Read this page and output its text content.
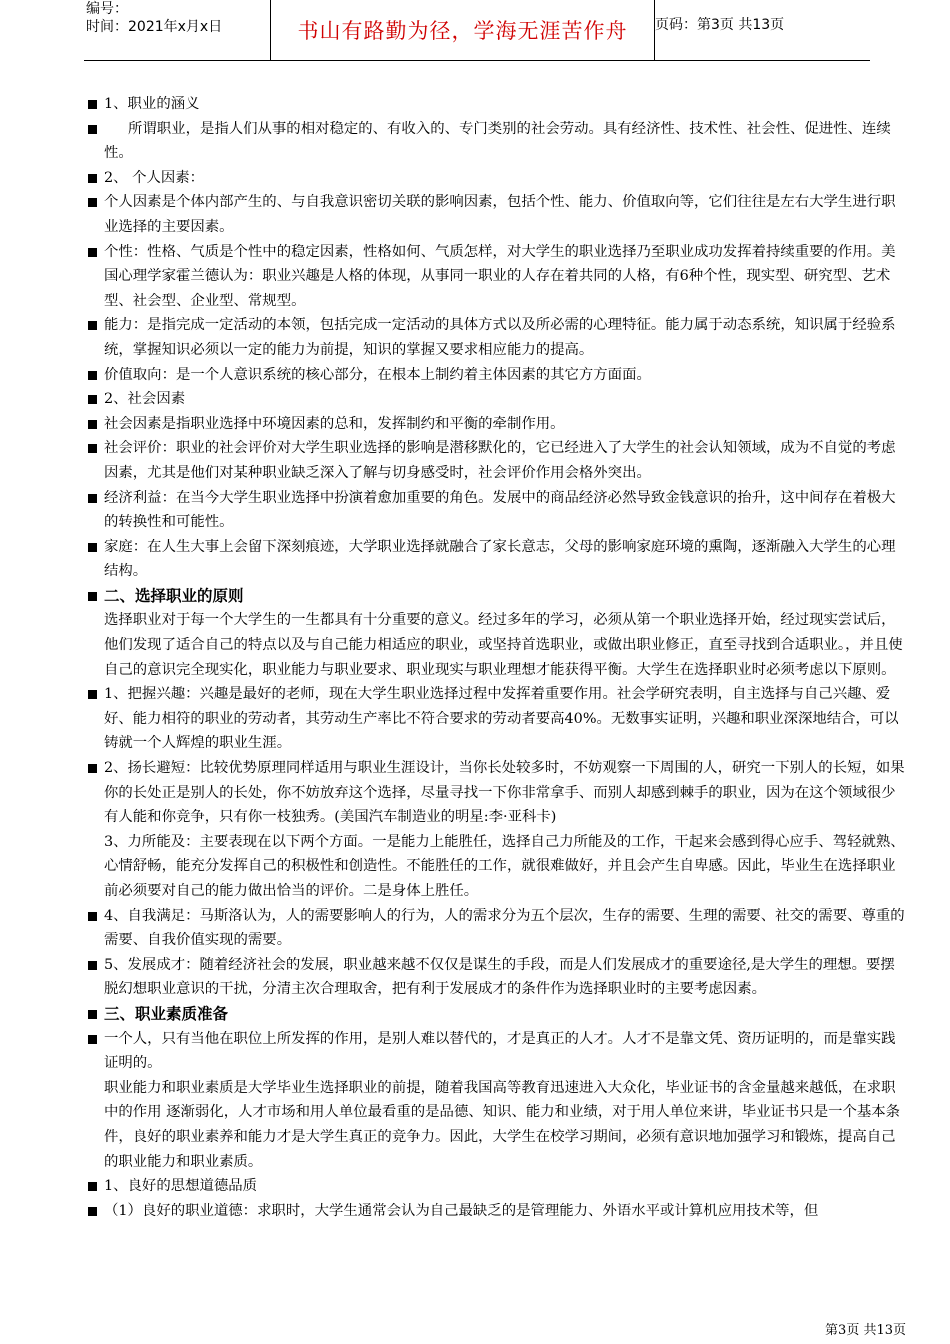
编号：
时间：2021年x月x日	书山有路勤为径，学海无涯苦作舟	页码：第3页 共13页
1、职业的涵义
所谓职业，是指人们从事的相对稳定的、有收入的、专门类别的社会劳动。具有经济性、技术性、社会性、促进性、连续性。
2、 个人因素：
个人因素是个体内部产生的、与自我意识密切关联的影响因素，包括个性、能力、价值取向等，它们往往是左右大学生进行职业选择的主要因素。
个性：性格、气质是个性中的稳定因素，性格如何、气质怎样，对大学生的职业选择乃至职业成功发挥着持续重要的作用。美国心理学家霍兰德认为：职业兴趣是人格的体现，从事同一职业的人存在着共同的人格，有6种个性，现实型、研究型、艺术型、社会型、企业型、常规型。
能力：是指完成一定活动的本领，包括完成一定活动的具体方式以及所必需的心理特征。能力属于动态系统，知识属于经验系统，掌握知识必须以一定的能力为前提，知识的掌握又要求相应能力的提高。
价值取向：是一个人意识系统的核心部分，在根本上制约着主体因素的其它方方面面。
2、社会因素
社会因素是指职业选择中环境因素的总和，发挥制约和平衡的牵制作用。
社会评价：职业的社会评价对大学生职业选择的影响是潜移默化的，它已经进入了大学生的社会认知领域，成为不自觉的考虑因素，尤其是他们对某种职业缺乏深入了解与切身感受时，社会评价作用会格外突出。
经济利益：在当今大学生职业选择中扮演着愈加重要的角色。发展中的商品经济必然导致金钱意识的抬升，这中间存在着极大的转换性和可能性。
家庭：在人生大事上会留下深刻痕迹，大学职业选择就融合了家长意志，父母的影响家庭环境的熏陶，逐渐融入大学生的心理结构。
二、选择职业的原则
选择职业对于每一个大学生的一生都具有十分重要的意义。经过多年的学习，必须从第一个职业选择开始，经过现实尝试后，他们发现了适合自己的特点以及与自己能力相适应的职业，或坚持首选职业，或做出职业修正，直至寻找到合适职业。，并且使自己的意识完全现实化，职业能力与职业要求、职业现实与职业理想才能获得平衡。大学生在选择职业时必须考虑以下原则。
1、把握兴趣：兴趣是最好的老师，现在大学生职业选择过程中发挥着重要作用。社会学研究表明，自主选择与自己兴趣、爱好、能力相符的职业的劳动者，其劳动生产率比不符合要求的劳动者要高40%。无数事实证明，兴趣和职业深深地结合，可以铸就一个人辉煌的职业生涯。
2、扬长避短：比较优势原理同样适用与职业生涯设计，当你长处较多时，不妨观察一下周围的人，研究一下别人的长短，如果你的长处正是别人的长处，你不妨放弃这个选择，尽量寻找一下你非常拿手、而别人却感到棘手的职业，因为在这个领域很少有人能和你竞争，只有你一枝独秀。(美国汽车制造业的明星:李·亚科卡)
3、力所能及：主要表现在以下两个方面。一是能力上能胜任，选择自己力所能及的工作，干起来会感到得心应手、驾轻就熟、心情舒畅，能充分发挥自己的积极性和创造性。不能胜任的工作，就很难做好，并且会产生自卑感。因此，毕业生在选择职业前必须要对自己的能力做出恰当的评价。二是身体上胜任。
4、自我满足：马斯洛认为，人的需要影响人的行为，人的需求分为五个层次，生存的需要、生理的需要、社交的需要、尊重的需要、自我价值实现的需要。
5、发展成才：随着经济社会的发展，职业越来越不仅仅是谋生的手段，而是人们发展成才的重要途径,是大学生的理想。要摆脱幻想职业意识的干扰，分清主次合理取舍，把有利于发展成才的条件作为选择职业时的主要考虑因素。
三、职业素质准备
一个人，只有当他在职位上所发挥的作用，是别人难以替代的，才是真正的人才。人才不是靠文凭、资历证明的，而是靠实践证明的。
职业能力和职业素质是大学毕业生选择职业的前提，随着我国高等教育迅速进入大众化，毕业证书的含金量越来越低，在求职中的作用 逐渐弱化，人才市场和用人单位最看重的是品德、知识、能力和业绩，对于用人单位来讲，毕业证书只是一个基本条件，良好的职业素养和能力才是大学生真正的竞争力。因此，大学生在校学习期间，必须有意识地加强学习和锻炼，提高自己的职业能力和职业素质。
1、良好的思想道德品质
（1）良好的职业道德：求职时，大学生通常会认为自己最缺乏的是管理能力、外语水平或计算机应用技术等，但
第3页 共13页
